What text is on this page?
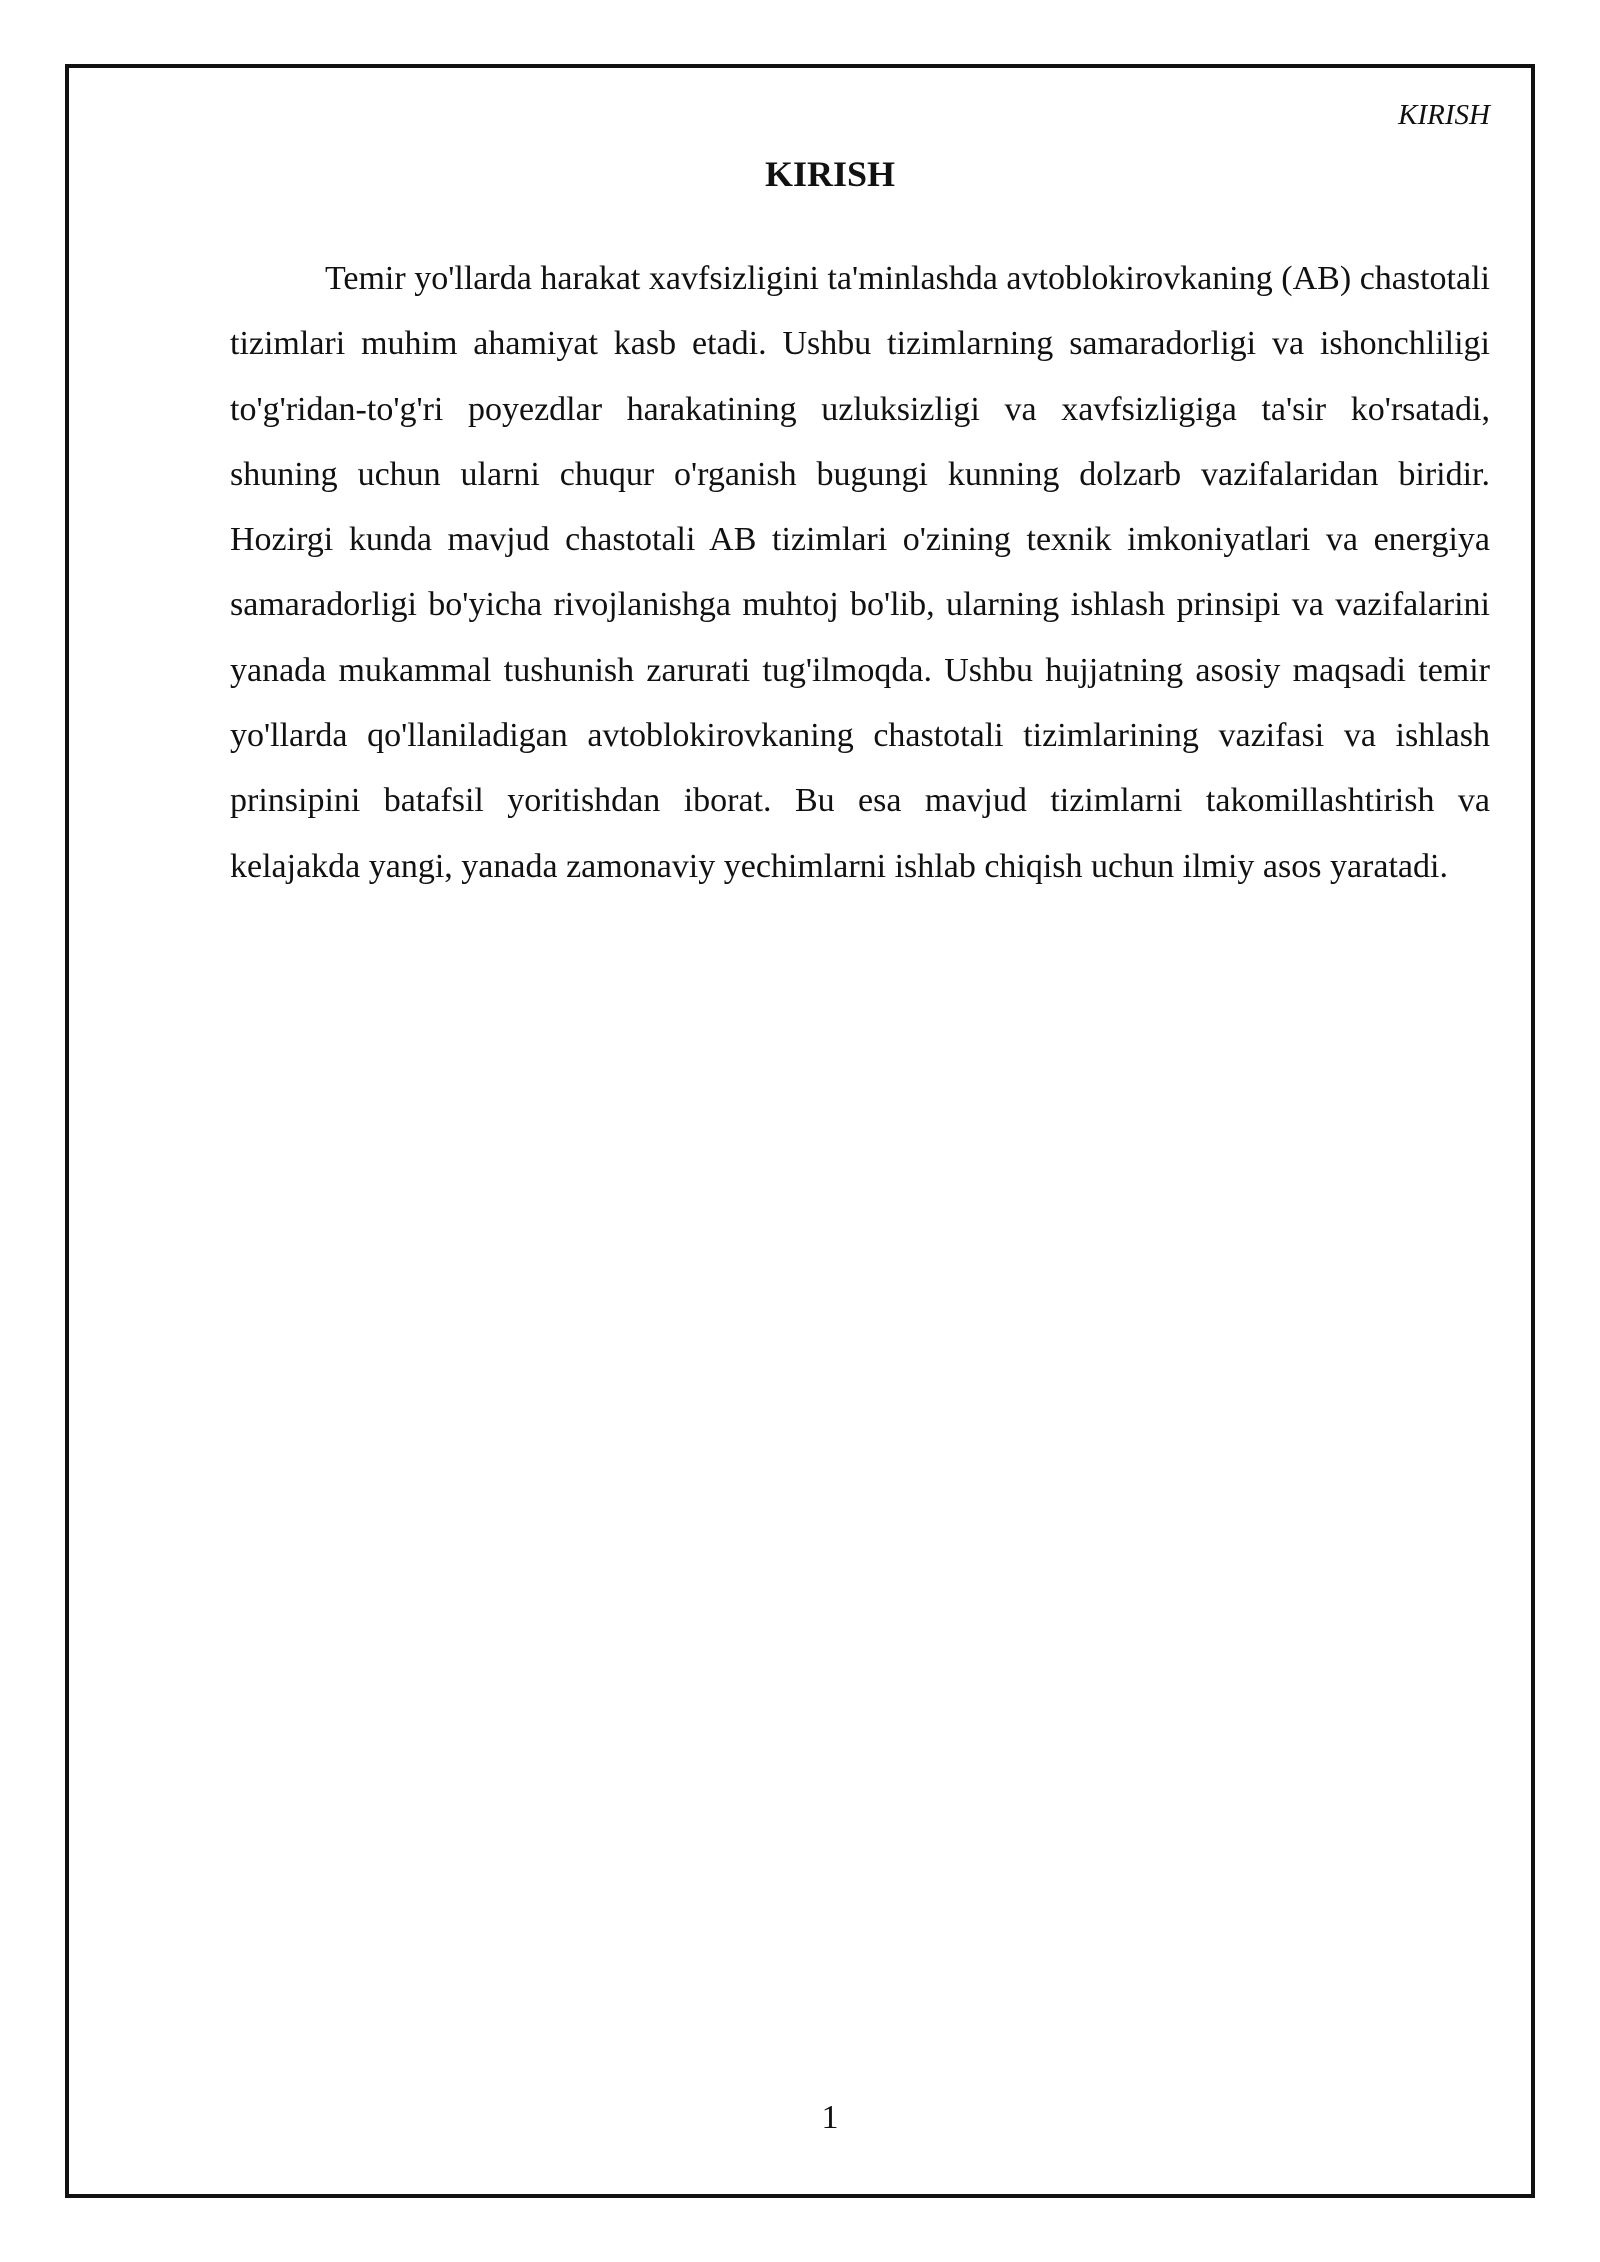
KIRISH
KIRISH

Temir yo'llarda harakat xavfsizligini ta'minlashda avtoblokirovkaning (AB) chastotali tizimlari muhim ahamiyat kasb etadi. Ushbu tizimlarning samaradorligi va ishonchliligi to'g'ridan-to'g'ri poyezdlar harakatining uzluksizligi va xavfsizligiga ta'sir ko'rsatadi, shuning uchun ularni chuqur o'rganish bugungi kunning dolzarb vazifalaridan biridir. Hozirgi kunda mavjud chastotali AB tizimlari o'zining texnik imkoniyatlari va energiya samaradorligi bo'yicha rivojlanishga muhtoj bo'lib, ularning ishlash prinsipi va vazifalarini yanada mukammal tushunish zarurati tug'ilmoqda. Ushbu hujjatning asosiy maqsadi temir yo'llarda qo'llaniladigan avtoblokirovkaning chastotali tizimlarining vazifasi va ishlash prinsipini batafsil yoritishdan iborat. Bu esa mavjud tizimlarni takomillashtirish va kelajakda yangi, yanada zamonaviy yechimlarni ishlab chiqish uchun ilmiy asos yaratadi.

1
